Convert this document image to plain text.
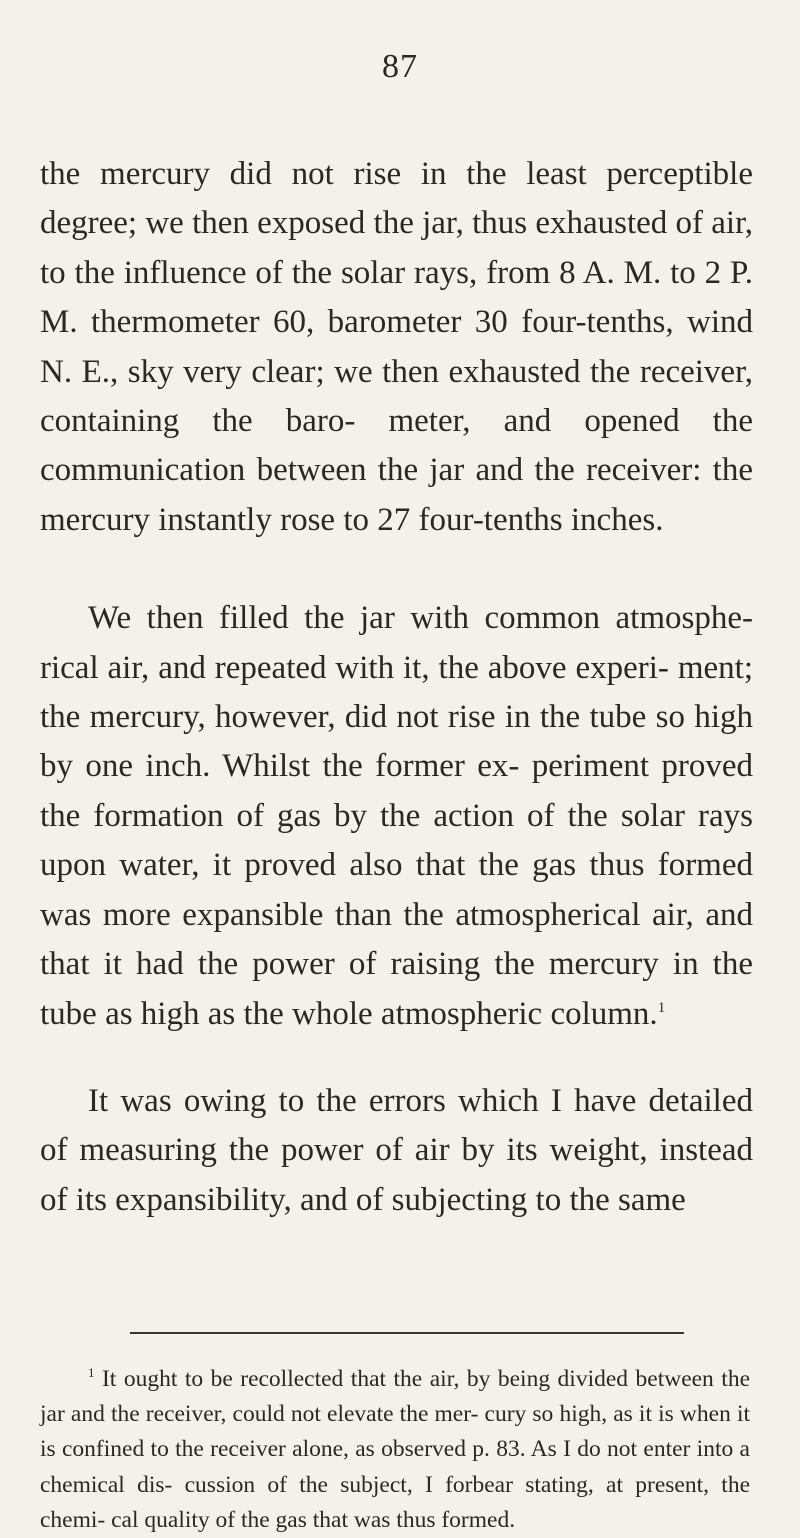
87

the mercury did not rise in the least perceptible degree; we then exposed the jar, thus exhausted of air, to the influence of the solar rays, from 8 A. M. to 2 P. M. thermometer 60, barometer 30 four-tenths, wind N. E., sky very clear; we then exhausted the receiver, containing the baro- meter, and opened the communication between the jar and the receiver: the mercury instantly rose to 27 four-tenths inches.

We then filled the jar with common atmosphe- rical air, and repeated with it, the above experi- ment; the mercury, however, did not rise in the tube so high by one inch. Whilst the former ex- periment proved the formation of gas by the action of the solar rays upon water, it proved also that the gas thus formed was more expansible than the atmospherical air, and that it had the power of raising the mercury in the tube as high as the whole atmospheric column.$^1$

It was owing to the errors which I have detailed of measuring the power of air by its weight, instead of its expansibility, and of subjecting to the same

$^1$ It ought to be recollected that the air, by being divided between the jar and the receiver, could not elevate the mer- cury so high, as it is when it is confined to the receiver alone, as observed p. 83. As I do not enter into a chemical dis- cussion of the subject, I forbear stating, at present, the chemi- cal quality of the gas that was thus formed.
